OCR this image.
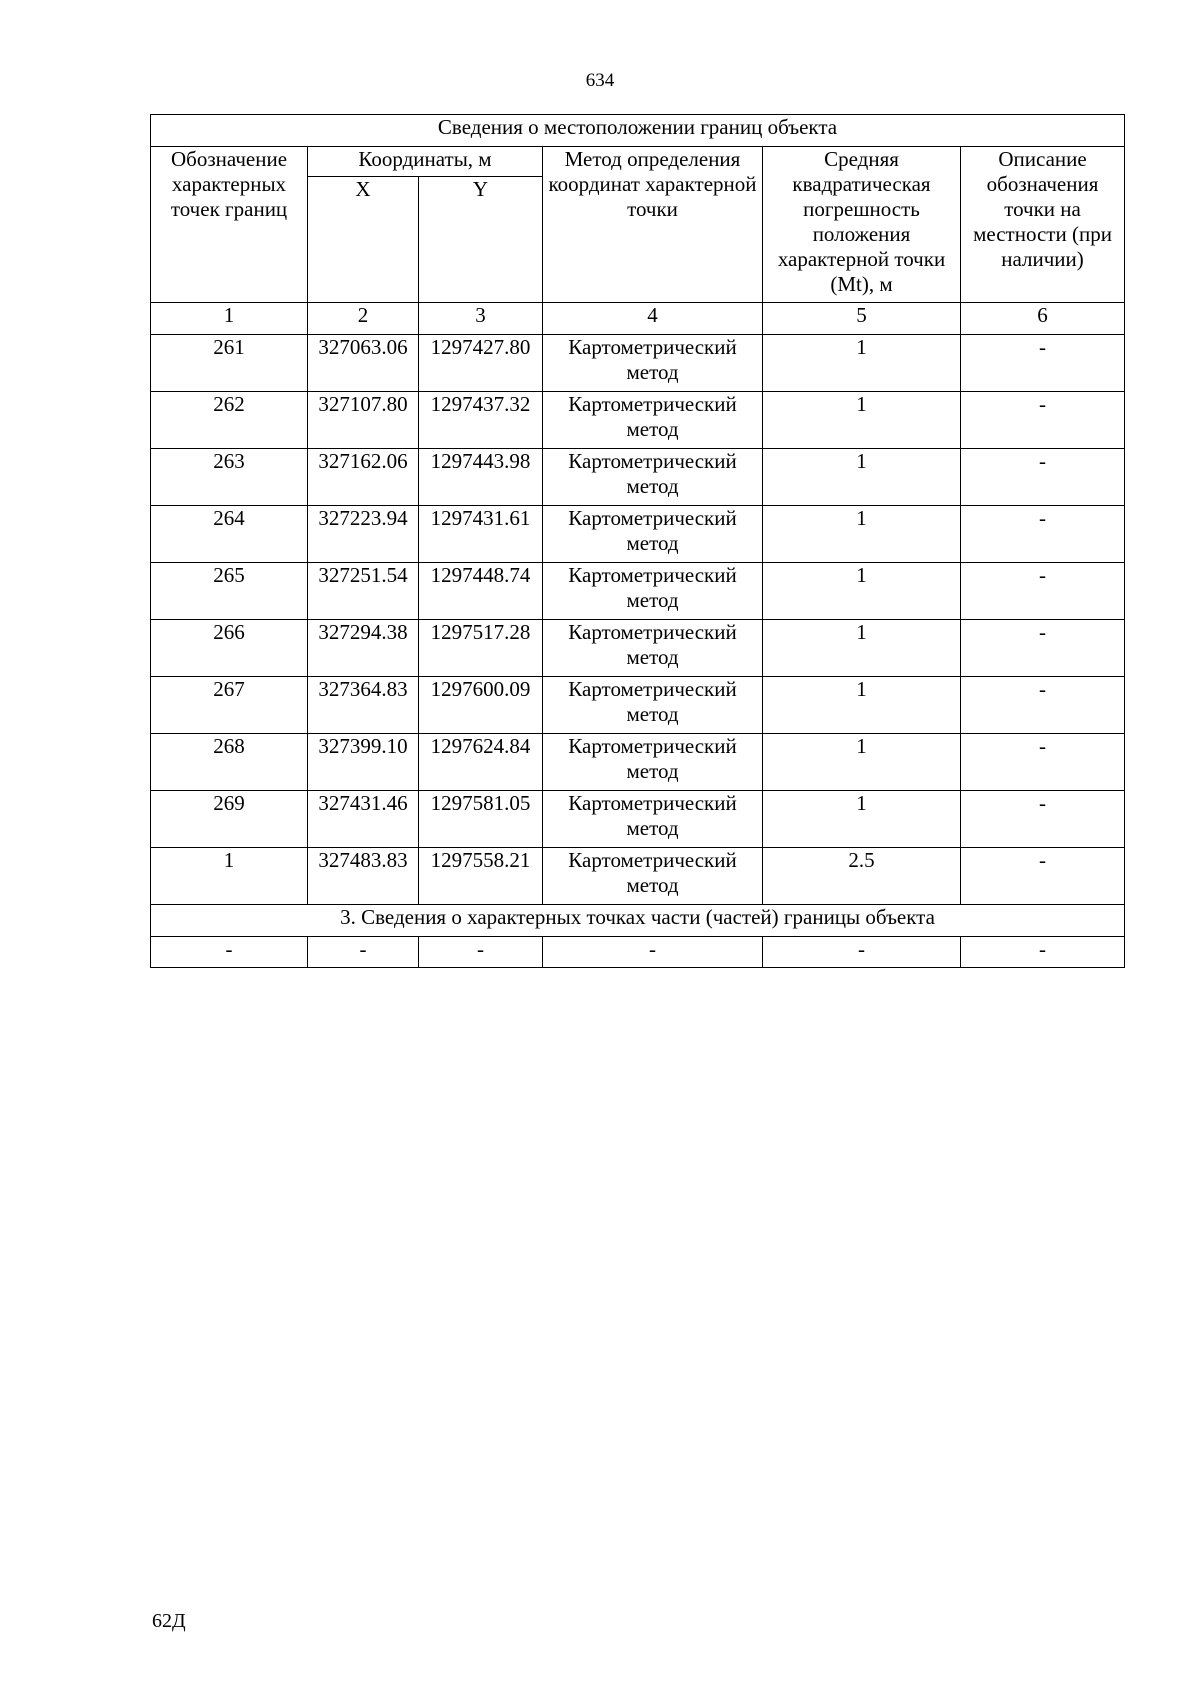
634
Сведения о местоположении границ объекта					
Обозначение характерных точек границ	Координаты, м		Метод определения координат характерной точки	Средняя квадратическая погрешность положения характерной точки (Mt), м	Описание обозначения точки на местности (при наличии)
	X	Y			
1	2	3	4	5	6
261	327063.06	1297427.80	Картометрический метод	1	-
262	327107.80	1297437.32	Картометрический метод	1	-
263	327162.06	1297443.98	Картометрический метод	1	-
264	327223.94	1297431.61	Картометрический метод	1	-
265	327251.54	1297448.74	Картометрический метод	1	-
266	327294.38	1297517.28	Картометрический метод	1	-
267	327364.83	1297600.09	Картометрический метод	1	-
268	327399.10	1297624.84	Картометрический метод	1	-
269	327431.46	1297581.05	Картометрический метод	1	-
1	327483.83	1297558.21	Картометрический метод	2.5	-
3. Сведения о характерных точках части (частей) границы объекта					
-	-	-	-	-	-
62Д
